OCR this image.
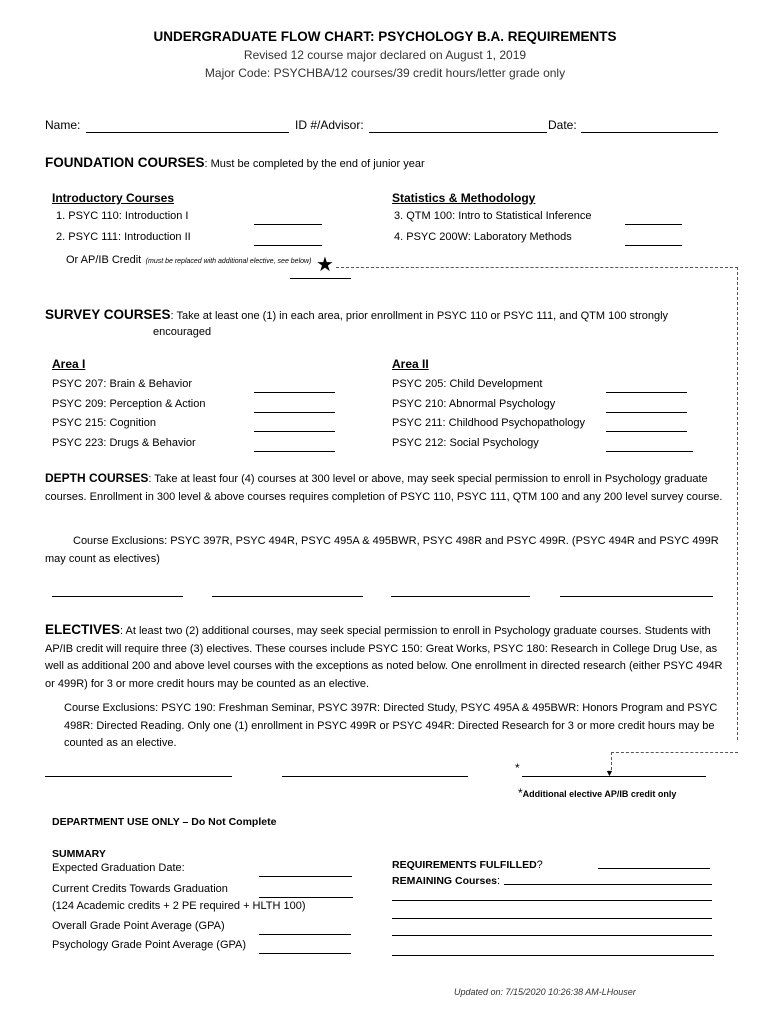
UNDERGRADUATE FLOW CHART: PSYCHOLOGY B.A. REQUIREMENTS
Revised 12 course major declared on August 1, 2019
Major Code: PSYCHBA/12 courses/39 credit hours/letter grade only
Name:	ID #/Advisor:	Date:
FOUNDATION COURSES: Must be completed by the end of junior year
Introductory Courses
1. PSYC 110: Introduction I
2. PSYC 111: Introduction II
Or AP/IB Credit (must be replaced with additional elective, see below) ★
Statistics & Methodology
3. QTM 100: Intro to Statistical Inference
4. PSYC 200W: Laboratory Methods
SURVEY COURSES: Take at least one (1) in each area, prior enrollment in PSYC 110 or PSYC 111, and QTM 100 strongly
encouraged
Area I
PSYC 207: Brain & Behavior
PSYC 209: Perception & Action
PSYC 215: Cognition
PSYC 223: Drugs & Behavior
Area II
PSYC 205: Child Development
PSYC 210: Abnormal Psychology
PSYC 211: Childhood Psychopathology
PSYC 212: Social Psychology
DEPTH COURSES: Take at least four (4) courses at 300 level or above, may seek special permission to enroll in Psychology graduate courses. Enrollment in 300 level & above courses requires completion of PSYC 110, PSYC 111, QTM 100 and any 200 level survey course.
Course Exclusions: PSYC 397R, PSYC 494R, PSYC 495A & 495BWR, PSYC 498R and PSYC 499R. (PSYC 494R and PSYC 499R may count as electives)
ELECTIVES: At least two (2) additional courses, may seek special permission to enroll in Psychology graduate courses. Students with AP/IB credit will require three (3) electives. These courses include PSYC 150: Great Works, PSYC 180: Research in College Drug Use, as well as additional 200 and above level courses with the exceptions as noted below. One enrollment in directed research (either PSYC 494R or 499R) for 3 or more credit hours may be counted as an elective.
Course Exclusions: PSYC 190: Freshman Seminar, PSYC 397R: Directed Study, PSYC 495A & 495BWR: Honors Program and PSYC 498R: Directed Reading. Only one (1) enrollment in PSYC 499R or PSYC 494R: Directed Research for 3 or more credit hours may be counted as an elective.
*	▼
*Additional elective AP/IB credit only
DEPARTMENT USE ONLY – Do Not Complete
SUMMARY
Expected Graduation Date:
Current Credits Towards Graduation
(124 Academic credits + 2 PE required + HLTH 100)
Overall Grade Point Average (GPA)
Psychology Grade Point Average (GPA)
REQUIREMENTS FULFILLED?
REMAINING Courses:
Updated on: 7/15/2020 10:26:38 AM-LHouser
